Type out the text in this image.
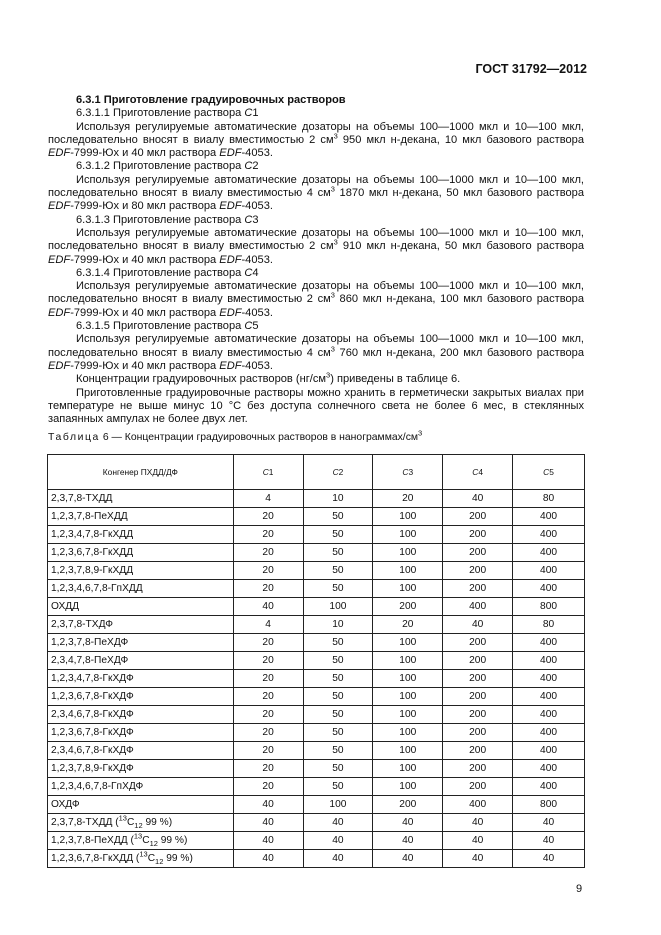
ГОСТ 31792—2012

6.3.1 Приготовление градуировочных растворов

6.3.1.1 Приготовление раствора С1

Используя регулируемые автоматические дозаторы на объемы 100—1000 мкл и 10—100 мкл, последовательно вносят в виалу вместимостью 2 $см^3$ 950 мкл н-декана, 10 мкл базового раствора EDF-7999-Юх и 40 мкл раствора EDF-4053.

6.3.1.2 Приготовление раствора С2

Используя регулируемые автоматические дозаторы на объемы 100—1000 мкл и 10—100 мкл, последовательно вносят в виалу вместимостью 4 $см^3$ 1870 мкл н-декана, 50 мкл базового раствора EDF-7999-Юх и 80 мкл раствора EDF-4053.

6.3.1.3 Приготовление раствора С3

Используя регулируемые автоматические дозаторы на объемы 100—1000 мкл и 10—100 мкл, последовательно вносят в виалу вместимостью 2 $см^3$ 910 мкл н-декана, 50 мкл базового раствора EDF-7999-Юх и 40 мкл раствора EDF-4053.

6.3.1.4 Приготовление раствора С4

Используя регулируемые автоматические дозаторы на объемы 100—1000 мкл и 10—100 мкл, последовательно вносят в виалу вместимостью 2 $см^3$ 860 мкл н-декана, 100 мкл базового раствора EDF-7999-Юх и 40 мкл раствора EDF-4053.

6.3.1.5 Приготовление раствора С5

Используя регулируемые автоматические дозаторы на объемы 100—1000 мкл и 10—100 мкл, последовательно вносят в виалу вместимостью 4 $см^3$ 760 мкл н-декана, 200 мкл базового раствора EDF-7999-Юх и 40 мкл раствора EDF-4053.

Концентрации градуировочных растворов $(нг/см^3)$ приведены в таблице 6.

Приготовленные градуировочные растворы можно хранить в герметически закрытых виалах при температуре не выше минус 10 °С без доступа солнечного света не более 6 мес, в стеклянных запаянных ампулах не более двух лет.

Таблица 6 — Концентрации градуировочных растворов в нанограммах/$см^3$
Конгенер ПХДД/ДФ	С1	С2	С3	С4	С5
2,3,7,8-ТХДД	4	10	20	40	80
1,2,3,7,8-ПеХДД	20	50	100	200	400
1,2,3,4,7,8-ГкХДД	20	50	100	200	400
1,2,3,6,7,8-ГкХДД	20	50	100	200	400
1,2,3,7,8,9-ГкХДД	20	50	100	200	400
1,2,3,4,6,7,8-ГпХДД	20	50	100	200	400
ОХДД	40	100	200	400	800
2,3,7,8-ТХДФ	4	10	20	40	80
1,2,3,7,8-ПеХДФ	20	50	100	200	400
2,3,4,7,8-ПеХДФ	20	50	100	200	400
1,2,3,4,7,8-ГкХДФ	20	50	100	200	400
1,2,3,6,7,8-ГкХДФ	20	50	100	200	400
2,3,4,6,7,8-ГкХДФ	20	50	100	200	400
1,2,3,6,7,8-ГкХДФ	20	50	100	200	400
2,3,4,6,7,8-ГкХДФ	20	50	100	200	400
1,2,3,7,8,9-ГкХДФ	20	50	100	200	400
1,2,3,4,6,7,8-ГпХДФ	20	50	100	200	400
ОХДФ	40	100	200	400	800
2,3,7,8-ТХДД ($^{13}С_{12}$ 99 %)	40	40	40	40	40
1,2,3,7,8-ПеХДД ($^{13}С_{12}$ 99 %)	40	40	40	40	40
1,2,3,6,7,8-ГкХДД ($^{13}С_{12}$ 99 %)	40	40	40	40	40
9
